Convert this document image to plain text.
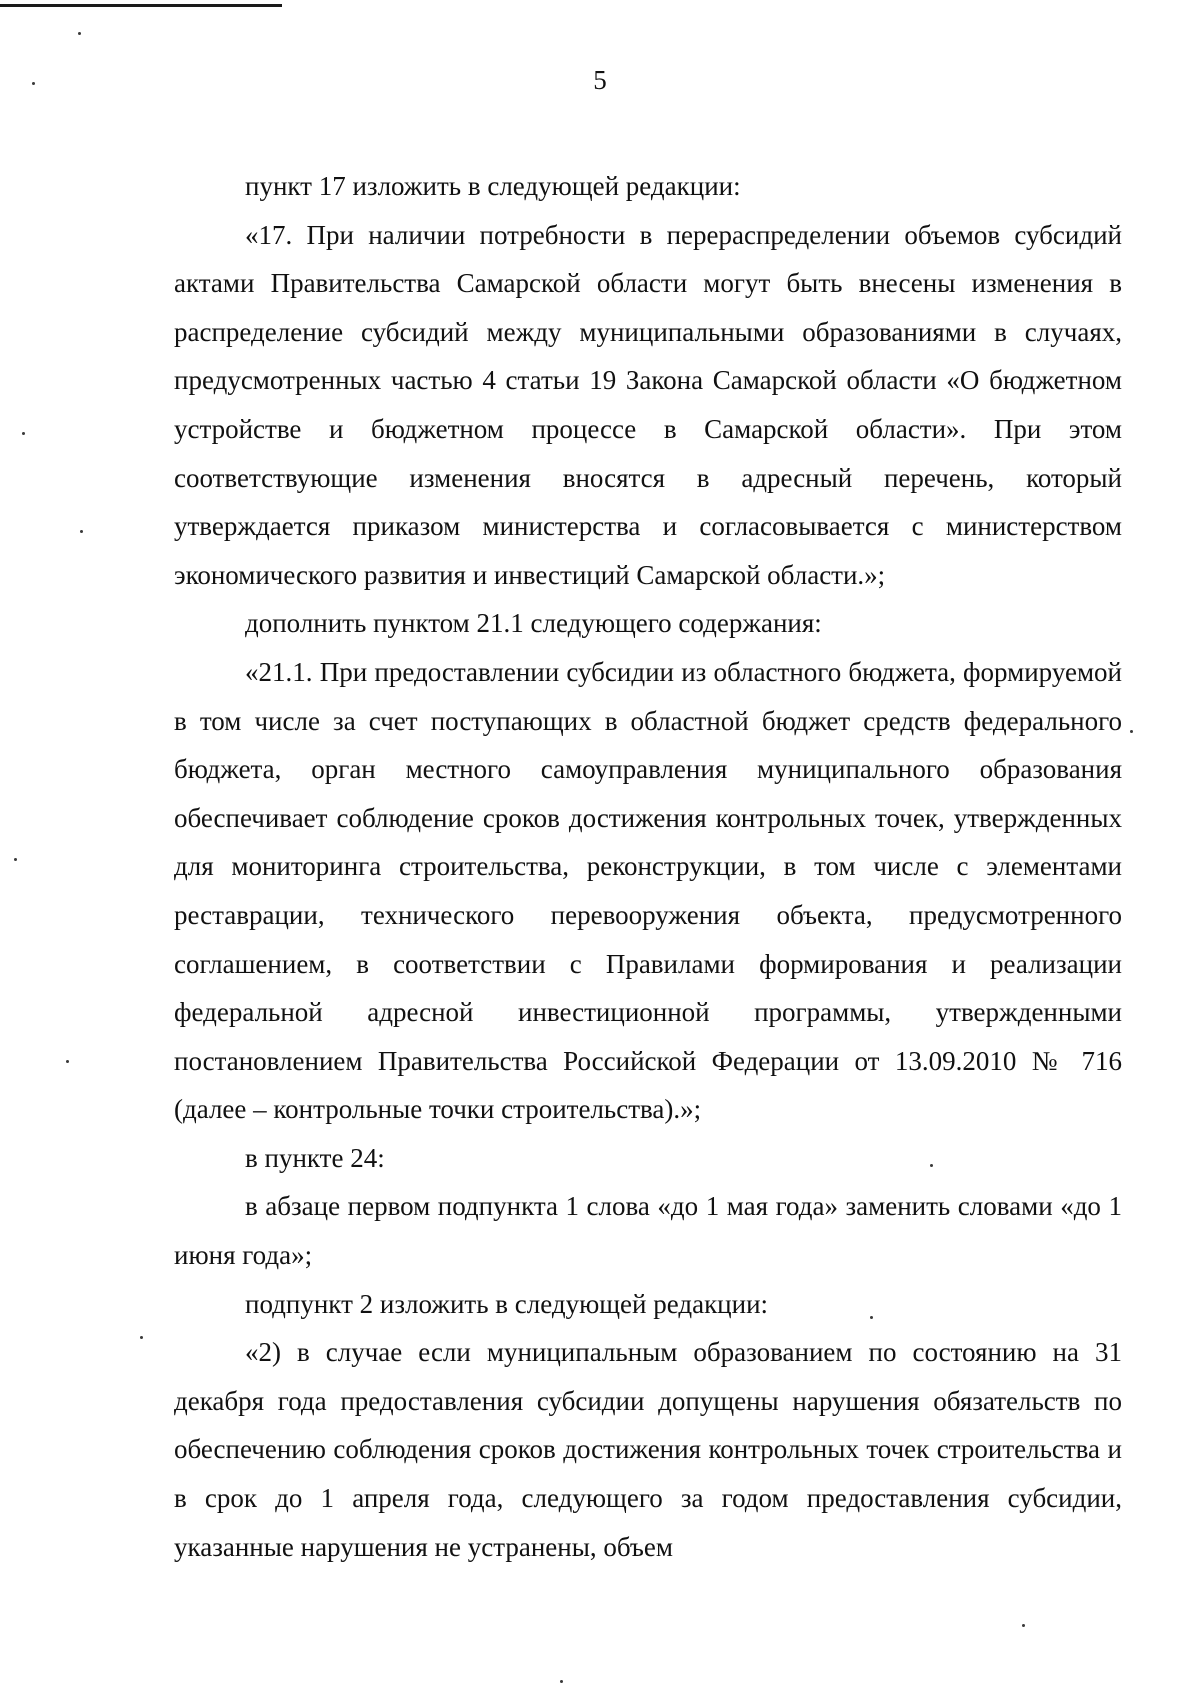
5

пункт 17 изложить в следующей редакции:

«17. При наличии потребности в перераспределении объемов субсидий актами Правительства Самарской области могут быть внесены изменения в распределение субсидий между муниципальными образованиями в случаях, предусмотренных частью 4 статьи 19 Закона Самарской области «О бюджетном устройстве и бюджетном процессе в Самарской области». При этом соответствующие изменения вносятся в адресный перечень, который утверждается приказом министерства и согласовывается с министерством экономического развития и инвестиций Самарской области.»;

дополнить пунктом 21.1 следующего содержания:

«21.1. При предоставлении субсидии из областного бюджета, формируемой в том числе за счет поступающих в областной бюджет средств федерального бюджета, орган местного самоуправления муниципального образования обеспечивает соблюдение сроков достижения контрольных точек, утвержденных для мониторинга строительства, реконструкции, в том числе с элементами реставрации, технического перевооружения объекта, предусмотренного соглашением, в соответствии с Правилами формирования и реализации федеральной адресной инвестиционной программы, утвержденными постановлением Правительства Российской Федерации от 13.09.2010 № 716 (далее – контрольные точки строительства).»;

в пункте 24:

в абзаце первом подпункта 1 слова «до 1 мая года» заменить словами «до 1 июня года»;

подпункт 2 изложить в следующей редакции:

«2) в случае если муниципальным образованием по состоянию на 31 декабря года предоставления субсидии допущены нарушения обязательств по обеспечению соблюдения сроков достижения контрольных точек строительства и в срок до 1 апреля года, следующего за годом предоставления субсидии, указанные нарушения не устранены, объем
